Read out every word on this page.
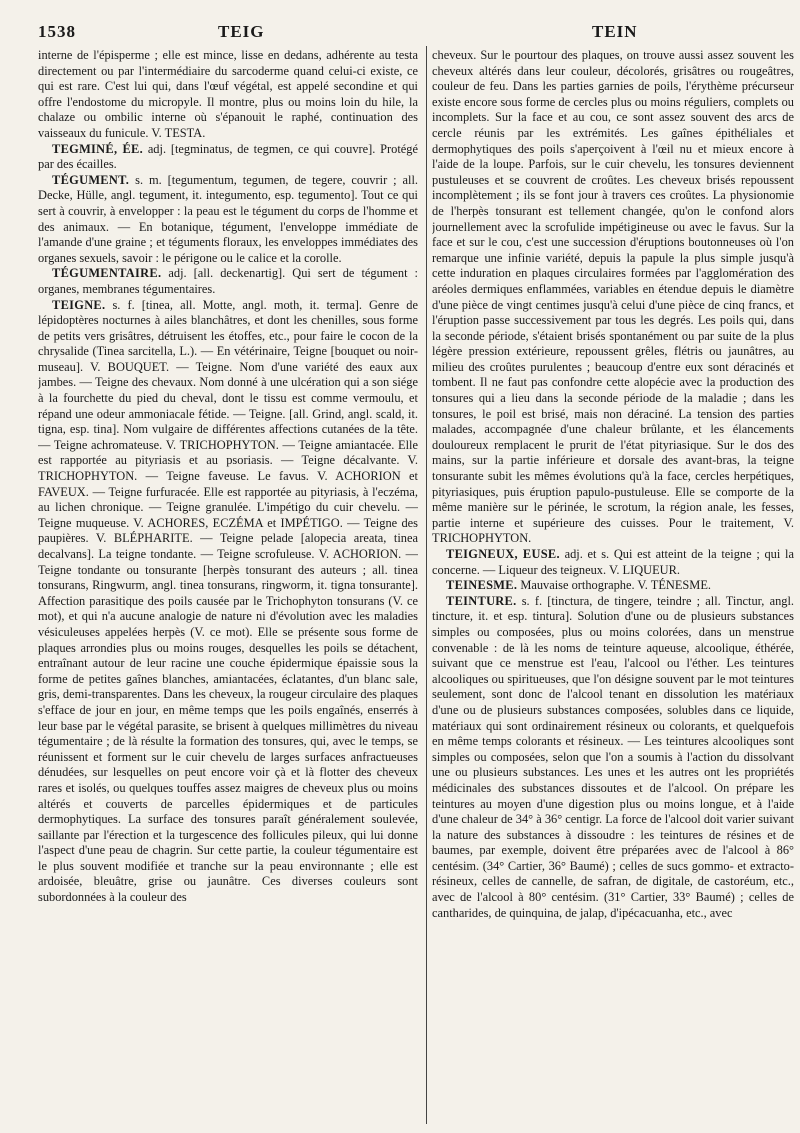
1538	TEIG	TEIN

interne de l'épisperme ; elle est mince, lisse en dedans, adhérente au testa directement ou par l'intermédiaire du sarcoderme quand celui-ci existe, ce qui est rare. C'est lui qui, dans l'œuf végétal, est appelé secondine et qui offre l'endostome du micropyle. Il montre, plus ou moins loin du hile, la chalaze ou ombilic interne où s'épanouit le raphé, continuation des vaisseaux du funicule. V. TESTA.

TEGMINÉ, ÉE. adj. [tegminatus, de tegmen, ce qui couvre]. Protégé par des écailles.

TÉGUMENT. s. m. [tegumentum, tegumen, de tegere, couvrir ; all. Decke, Hülle, angl. tegument, it. integumento, esp. tegumento]. Tout ce qui sert à couvrir, à envelopper : la peau est le tégument du corps de l'homme et des animaux. — En botanique, tégument, l'enveloppe immédiate de l'amande d'une graine ; et téguments floraux, les enveloppes immédiates des organes sexuels, savoir : le périgone ou le calice et la corolle.

TÉGUMENTAIRE. adj. [all. deckenartig]. Qui sert de tégument : organes, membranes tégumentaires.

TEIGNE. s. f. [tinea, all. Motte, angl. moth, it. terma]. Genre de lépidoptères nocturnes à ailes blanchâtres, et dont les chenilles, sous forme de petits vers grisâtres, détruisent les étoffes, etc., pour faire le cocon de la chrysalide (Tinea sarcitella, L.). — En vétérinaire, Teigne [bouquet ou noir-museau]. V. BOUQUET. — Teigne. Nom d'une variété des eaux aux jambes. — Teigne des chevaux. Nom donné à une ulcération qui a son siége à la fourchette du pied du cheval, dont le tissu est comme vermoulu, et répand une odeur ammoniacale fétide. — Teigne. [all. Grind, angl. scald, it. tigna, esp. tina]. Nom vulgaire de différentes affections cutanées de la tête. — Teigne achromateuse. V. TRICHOPHYTON. — Teigne amiantacée. Elle est rapportée au pityriasis et au psoriasis. — Teigne décalvante. V. TRICHOPHYTON. — Teigne faveuse. Le favus. V. ACHORION et FAVEUX. — Teigne furfuracée. Elle est rapportée au pityriasis, à l'eczéma, au lichen chronique. — Teigne granulée. L'impétigo du cuir chevelu. — Teigne muqueuse. V. ACHORES, ECZÉMA et IMPÉTIGO. — Teigne des paupières. V. BLÉPHARITE. — Teigne pelade [alopecia areata, tinea decalvans]. La teigne tondante. — Teigne scrofuleuse. V. ACHORION. — Teigne tondante ou tonsurante [herpès tonsurant des auteurs ; all. tinea tonsurans, Ringwurm, angl. tinea tonsurans, ringworm, it. tigna tonsurante]. Affection parasitique des poils causée par le Trichophyton tonsurans (V. ce mot), et qui n'a aucune analogie de nature ni d'évolution avec les maladies vésiculeuses appelées herpès (V. ce mot). Elle se présente sous forme de plaques arrondies plus ou moins rouges, desquelles les poils se détachent, entraînant autour de leur racine une couche épidermique épaissie sous la forme de petites gaînes blanches, amiantacées, éclatantes, d'un blanc sale, gris, demi-transparentes. Dans les cheveux, la rougeur circulaire des plaques s'efface de jour en jour, en même temps que les poils engaînés, enserrés à leur base par le végétal parasite, se brisent à quelques millimètres du niveau tégumentaire ; de là résulte la formation des tonsures, qui, avec le temps, se réunissent et forment sur le cuir chevelu de larges surfaces anfractueuses dénudées, sur lesquelles on peut encore voir çà et là flotter des cheveux rares et isolés, ou quelques touffes assez maigres de cheveux plus ou moins altérés et couverts de parcelles épidermiques et de particules dermophytiques. La surface des tonsures paraît généralement soulevée, saillante par l'érection et la turgescence des follicules pileux, qui lui donne l'aspect d'une peau de chagrin. Sur cette partie, la couleur tégumentaire est le plus souvent modifiée et tranche sur la peau environnante ; elle est ardoisée, bleuâtre, grise ou jaunâtre. Ces diverses couleurs sont subordonnées à la couleur des

cheveux. Sur le pourtour des plaques, on trouve aussi assez souvent les cheveux altérés dans leur couleur, décolorés, grisâtres ou rougeâtres, couleur de feu. Dans les parties garnies de poils, l'érythème précurseur existe encore sous forme de cercles plus ou moins réguliers, complets ou incomplets. Sur la face et au cou, ce sont assez souvent des arcs de cercle réunis par les extrémités. Les gaînes épithéliales et dermophytiques des poils s'aperçoivent à l'œil nu et mieux encore à l'aide de la loupe. Parfois, sur le cuir chevelu, les tonsures deviennent pustuleuses et se couvrent de croûtes. Les cheveux brisés repoussent incomplètement ; ils se font jour à travers ces croûtes. La physionomie de l'herpès tonsurant est tellement changée, qu'on le confond alors journellement avec la scrofulide impétigineuse ou avec le favus. Sur la face et sur le cou, c'est une succession d'éruptions boutonneuses où l'on remarque une infinie variété, depuis la papule la plus simple jusqu'à cette induration en plaques circulaires formées par l'agglomération des aréoles dermiques enflammées, variables en étendue depuis le diamètre d'une pièce de vingt centimes jusqu'à celui d'une pièce de cinq francs, et l'éruption passe successivement par tous les degrés. Les poils qui, dans la seconde période, s'étaient brisés spontanément ou par suite de la plus légère pression extérieure, repoussent grêles, flétris ou jaunâtres, au milieu des croûtes purulentes ; beaucoup d'entre eux sont déracinés et tombent. Il ne faut pas confondre cette alopécie avec la production des tonsures qui a lieu dans la seconde période de la maladie ; dans les tonsures, le poil est brisé, mais non déraciné. La tension des parties malades, accompagnée d'une chaleur brûlante, et les élancements douloureux remplacent le prurit de l'état pityriasique. Sur le dos des mains, sur la partie inférieure et dorsale des avant-bras, la teigne tonsurante subit les mêmes évolutions qu'à la face, cercles herpétiques, pityriasiques, puis éruption papulo-pustuleuse. Elle se comporte de la même manière sur le périnée, le scrotum, la région anale, les fesses, partie interne et supérieure des cuisses. Pour le traitement, V. TRICHOPHYTON.

TEIGNEUX, EUSE. adj. et s. Qui est atteint de la teigne ; qui la concerne. — Liqueur des teigneux. V. LIQUEUR.

TEINESME. Mauvaise orthographe. V. TÉNESME.

TEINTURE. s. f. [tinctura, de tingere, teindre ; all. Tinctur, angl. tincture, it. et esp. tintura]. Solution d'une ou de plusieurs substances simples ou composées, plus ou moins colorées, dans un menstrue convenable : de là les noms de teinture aqueuse, alcoolique, éthérée, suivant que ce menstrue est l'eau, l'alcool ou l'éther. Les teintures alcooliques ou spiritueuses, que l'on désigne souvent par le mot teintures seulement, sont donc de l'alcool tenant en dissolution les matériaux d'une ou de plusieurs substances composées, solubles dans ce liquide, matériaux qui sont ordinairement résineux ou colorants, et quelquefois en même temps colorants et résineux. — Les teintures alcooliques sont simples ou composées, selon que l'on a soumis à l'action du dissolvant une ou plusieurs substances. Les unes et les autres ont les propriétés médicinales des substances dissoutes et de l'alcool. On prépare les teintures au moyen d'une digestion plus ou moins longue, et à l'aide d'une chaleur de 34° à 36° centigr. La force de l'alcool doit varier suivant la nature des substances à dissoudre : les teintures de résines et de baumes, par exemple, doivent être préparées avec de l'alcool à 86° centésim. (34° Cartier, 36° Baumé) ; celles de sucs gommo- et extracto-résineux, celles de cannelle, de safran, de digitale, de castoréum, etc., avec de l'alcool à 80° centésim. (31° Cartier, 33° Baumé) ; celles de cantharides, de quinquina, de jalap, d'ipécacuanha, etc., avec
